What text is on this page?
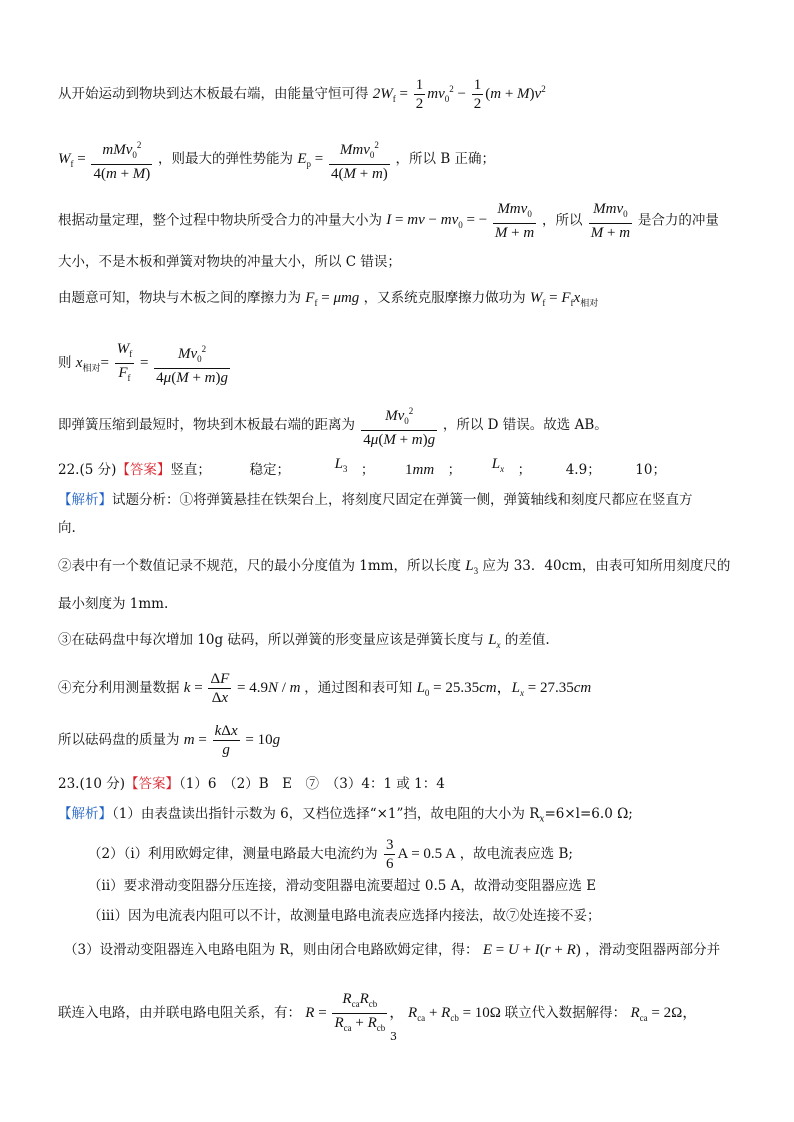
从开始运动到物块到达木板最右端，由能量守恒可得 $2W_f = \frac{1}{2} mv_0^2 - \frac{1}{2} (m + M)v^2$
$W_f = \frac{mMv_0^2}{4(m + M)}$ ，则最大的弹性势能为 $E_p = \frac{Mmv_0^2}{4(M + m)}$ ，所以 B 正确；
根据动量定理，整个过程中物块所受合力的冲量大小为 I = mv − $mv_0$ = − $\frac{Mmv_0}{M + m}$ ，所以 $\frac{Mmv_0}{M + m}$ 是合力的冲量
大小，不是木板和弹簧对物块的冲量大小，所以 C 错误；
由题意可知，物块与木板之间的摩擦力为 $F_f = \mu mg$ ，又系统克服摩擦力做功为 $W_f = F_fx_{相对}$
则 $x_{相对}= \frac{W_f}{F_f} = \frac{Mv_0^2}{4\mu(M + m)g}$
即弹簧压缩到最短时，物块到木板最右端的距离为 $\frac{Mv_0^2}{4\mu(M + m)g}$ ，所以 D 错误。故选 AB。
22.(5 分)【答案】竖直；	稳定；	$L_3$　； 1mm　； $L_x$　；	4.9；	10；
【解析】试题分析：①将弹簧悬挂在铁架台上，将刻度尺固定在弹簧一侧，弹簧轴线和刻度尺都应在竖直方
向.
②表中有一个数值记录不规范，尺的最小分度值为 1mm，所以长度 $L_3$ 应为 33．40cm，由表可知所用刻度尺的
最小刻度为 1mm.
③在砝码盘中每次增加 10g 砝码，所以弹簧的形变量应该是弹簧长度与 $L_x$ 的差值.
④充分利用测量数据 $k = \frac{\Delta F}{\Delta x} = 4.9N / m$ ，通过图和表可知 $L_0 = 25.35cm$，$L_x = 27.35cm$
所以砝码盘的质量为 $m = \frac{\text{kΔx}}{g} = 10g$
23.(10 分)【答案】（1）6　（2）B　E　⑦　（3）4：1 或 1：4
【解析】（1）由表盘读出指针示数为 6，又档位选择“×1”挡，故电阻的大小为 $R_x=6\times l=6.0$ Ω;
（2）（i）利用欧姆定律，测量电路最大电流约为 $\frac{3}{6}$ A = 0.5 A ，故电流表应选 B;
（ii）要求滑动变阻器分压连接，滑动变阻器电流要超过 0.5 A，故滑动变阻器应选 E
（iii）因为电流表内阻可以不计，故测量电路电流表应选择内接法，故⑦处连接不妥；
（3）设滑动变阻器连入电路电阻为 R，则由闭合电路欧姆定律，得： E = U + I(r + R) ，滑动变阻器两部分并
联连入电路，由并联电路电阻关系，有： $R = \frac{R_{ca}R_{cb}}{R_{ca} + R_{cb}}$ ， $R_{ca} + R_{cb} = 10\Omega$ 联立代入数据解得： $R_{ca} = 2\Omega$，
3
